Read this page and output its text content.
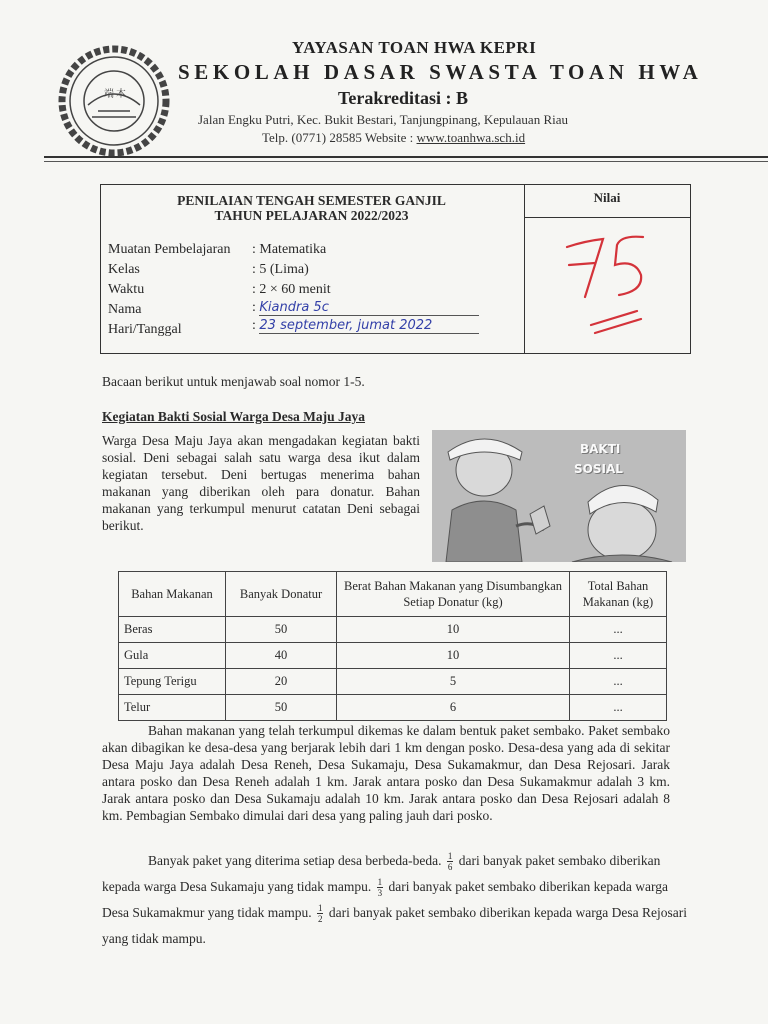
端 本
YAYASAN TOAN HWA KEPRI
SEKOLAH DASAR SWASTA TOAN HWA
Terakreditasi : B
Jalan Engku Putri, Kec. Bukit Bestari, Tanjungpinang, Kepulauan Riau
Telp. (0771) 28585 Website : www.toanhwa.sch.id
PENILAIAN TENGAH SEMESTER GANJIL
TAHUN PELAJARAN 2022/2023
Nilai
75
Muatan Pembelajaran : Matematika
Kelas	: 5 (Lima)
Waktu	: 2 × 60 menit
Nama	: Kiandra 5c
Hari/Tanggal	: 23 september, jumat 2022
Bacaan berikut untuk menjawab soal nomor 1-5.
Kegiatan Bakti Sosial Warga Desa Maju Jaya
Warga Desa Maju Jaya akan mengadakan kegiatan bakti sosial. Deni sebagai salah satu warga desa ikut dalam kegiatan tersebut. Deni bertugas menerima bahan makanan yang diberikan oleh para donatur. Bahan makanan yang terkumpul menurut catatan Deni sebagai berikut.
BAKTI
SOSIAL
Bahan Makanan	Banyak Donatur	Berat Bahan Makanan yang Disumbangkan Setiap Donatur (kg)	Total Bahan Makanan (kg)
Beras	50	10	...
Gula	40	10	...
Tepung Terigu	20	5	...
Telur	50	6	...
Bahan makanan yang telah terkumpul dikemas ke dalam bentuk paket sembako. Paket sembako akan dibagikan ke desa-desa yang berjarak lebih dari 1 km dengan posko. Desa-desa yang ada di sekitar Desa Maju Jaya adalah Desa Reneh, Desa Sukamaju, Desa Sukamakmur, dan Desa Rejosari. Jarak antara posko dan Desa Reneh adalah 1 km. Jarak antara posko dan Desa Sukamakmur adalah 3 km. Jarak antara posko dan Desa Sukamaju adalah 10 km. Jarak antara posko dan Desa Rejosari adalah 8 km. Pembagian Sembako dimulai dari desa yang paling jauh dari posko.
Banyak paket yang diterima setiap desa berbeda-beda. $\frac{1}{6}$ dari banyak paket sembako diberikan kepada warga Desa Sukamaju yang tidak mampu. $\frac{1}{3}$ dari banyak paket sembako diberikan kepada warga Desa Sukamakmur yang tidak mampu. $\frac{1}{2}$ dari banyak paket sembako diberikan kepada warga Desa Rejosari yang tidak mampu.
